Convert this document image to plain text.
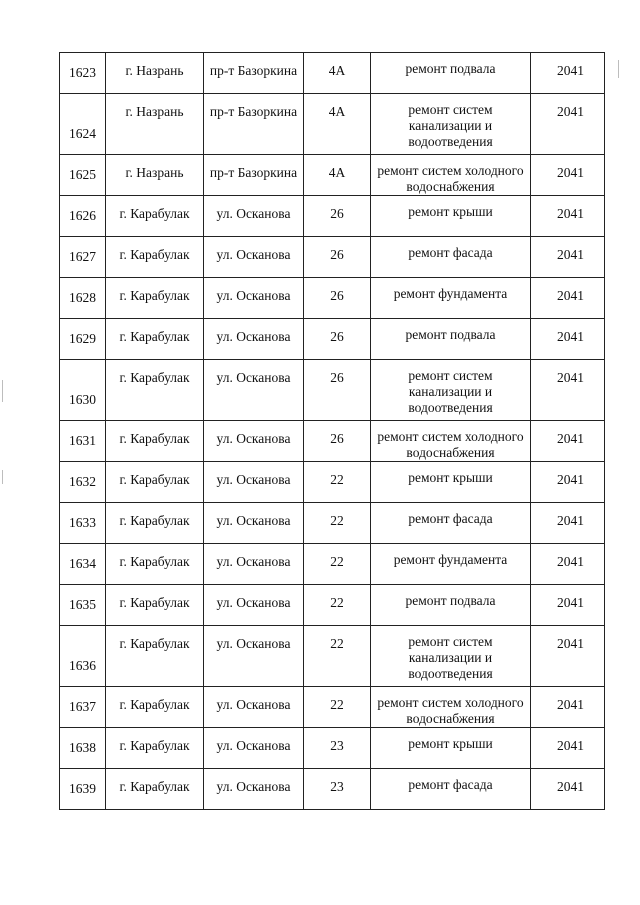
1623	г. Назрань	пр-т Базоркина	4А	ремонт подвала	2041

1624	г. Назрань	пр-т Базоркина	4А	ремонт систем канализации и водоотведения	2041

1625	г. Назрань	пр-т Базоркина	4А	ремонт систем холодного водоснабжения	2041

1626	г. Карабулак	ул. Осканова	26	ремонт крыши	2041

1627	г. Карабулак	ул. Осканова	26	ремонт фасада	2041

1628	г. Карабулак	ул. Осканова	26	ремонт фундамента	2041

1629	г. Карабулак	ул. Осканова	26	ремонт подвала	2041

1630	г. Карабулак	ул. Осканова	26	ремонт систем канализации и водоотведения	2041

1631	г. Карабулак	ул. Осканова	26	ремонт систем холодного водоснабжения	2041

1632	г. Карабулак	ул. Осканова	22	ремонт крыши	2041

1633	г. Карабулак	ул. Осканова	22	ремонт фасада	2041

1634	г. Карабулак	ул. Осканова	22	ремонт фундамента	2041

1635	г. Карабулак	ул. Осканова	22	ремонт подвала	2041

1636	г. Карабулак	ул. Осканова	22	ремонт систем канализации и водоотведения	2041

1637	г. Карабулак	ул. Осканова	22	ремонт систем холодного водоснабжения	2041

1638	г. Карабулак	ул. Осканова	23	ремонт крыши	2041

1639	г. Карабулак	ул. Осканова	23	ремонт фасада	2041
